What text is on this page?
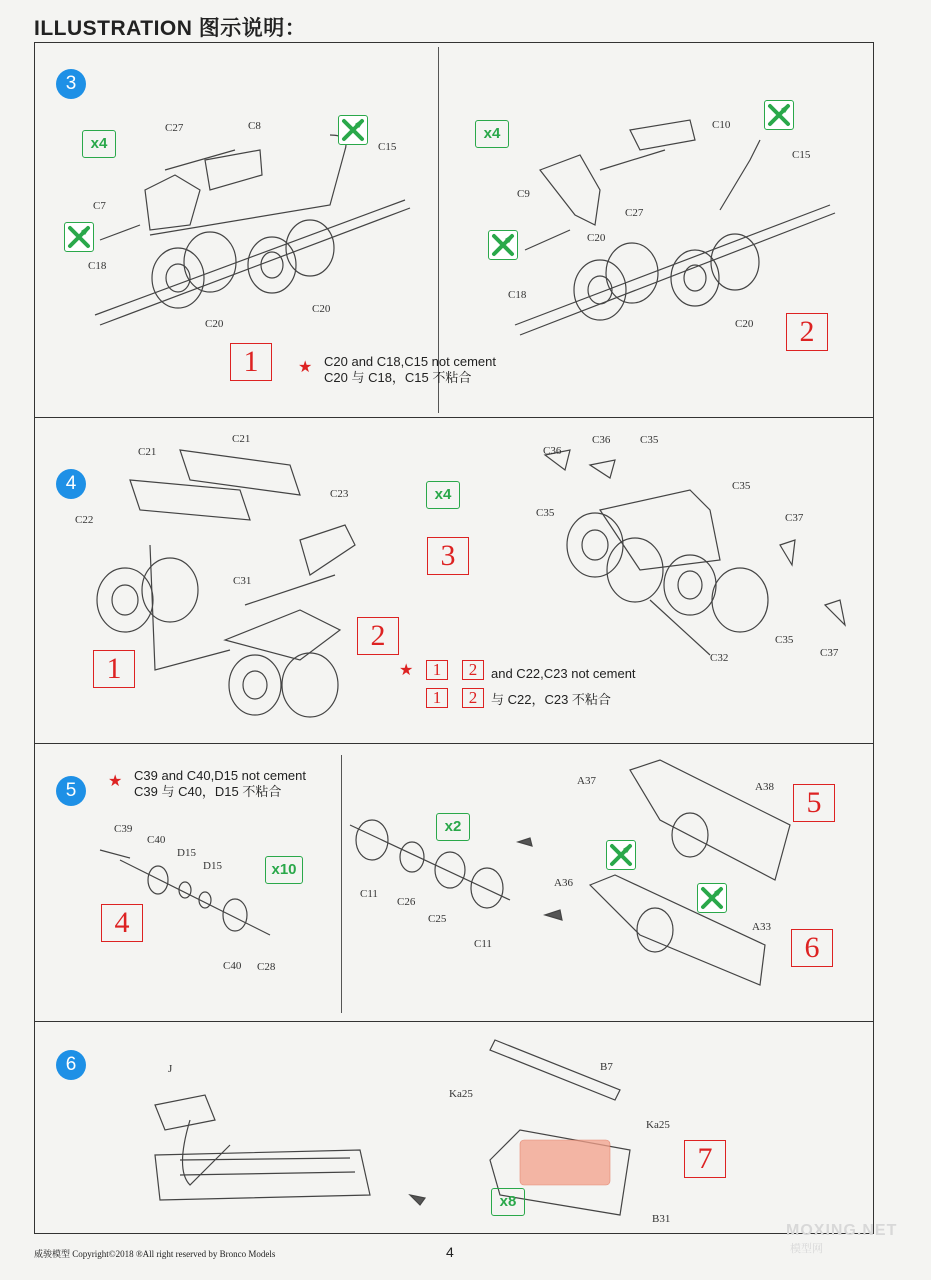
ILLUSTRATION 图示说明：
3
x4
x4
C27	C8
C7
C15
C18
C20
C20
C10
C9
C27
C15
C20
C18
C20
1
2
★ C20 and C18,C15 not cement
C20 与 C18，C15 不粘合
4
x4
3
1
2
C21
C21
C22
C23
C31
C36
C36	C35
C35
C35
C37
C35
C37
C32
★	1	2	and C22,C23 not cement
1	2	与 C22，C23 不粘合
5	★ C39 and C40,D15 not cement
C39 与 C40，D15 不粘合
x10
x2
4
5
6
C39
C40
D15
D15
C40 C28
C11
C26
C25
C11
A37	A38
A36
A33
6
x8
7
J	B7
Ka25
Ka25
B31
威骏模型 Copyright©2018 ®All right reserved by Bronco Models	4
MOXING.NET
模型网
